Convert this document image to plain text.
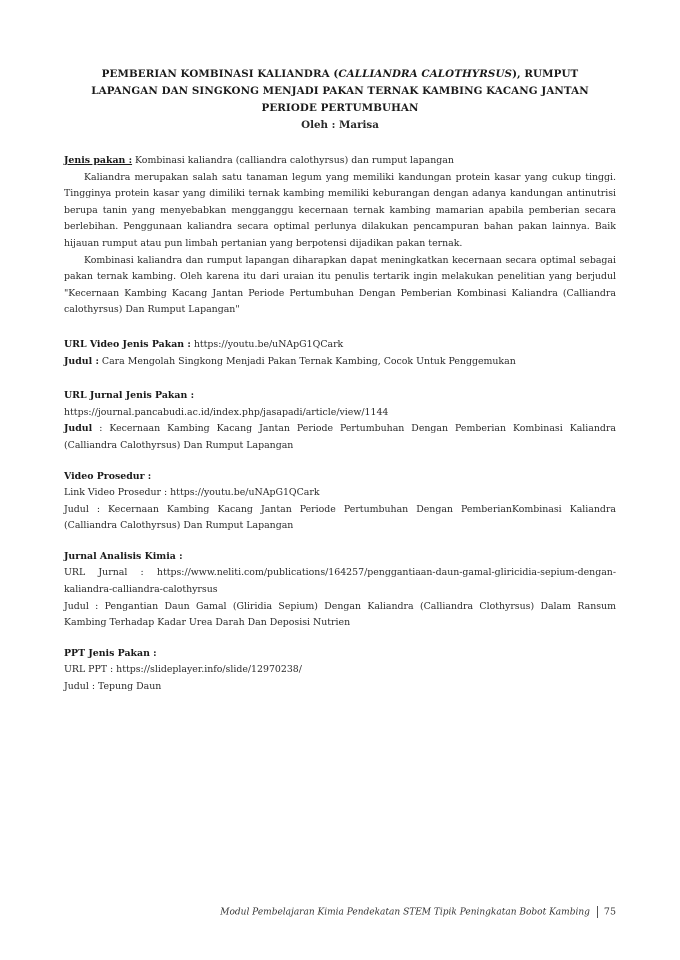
PEMBERIAN KOMBINASI KALIANDRA (CALLIANDRA CALOTHYRSUS), RUMPUT
LAPANGAN DAN SINGKONG MENJADI PAKAN TERNAK KAMBING KACANG JANTAN
PERIODE PERTUMBUHAN
Oleh : Marisa

Jenis pakan : Kombinasi kaliandra (calliandra calothyrsus) dan rumput lapangan

Kaliandra merupakan salah satu tanaman legum yang memiliki kandungan protein kasar yang cukup tinggi. Tingginya protein kasar yang dimiliki ternak kambing memiliki keburangan dengan adanya kandungan antinutrisi berupa tanin yang menyebabkan mengganggu kecernaan ternak kambing mamarian apabila pemberian secara berlebihan. Penggunaan kaliandra secara optimal perlunya dilakukan pencampuran bahan pakan lainnya. Baik hijauan rumput atau pun limbah pertanian yang berpotensi dijadikan pakan ternak.

Kombinasi kaliandra dan rumput lapangan diharapkan dapat meningkatkan kecernaan secara optimal sebagai pakan ternak kambing. Oleh karena itu dari uraian itu penulis tertarik ingin melakukan penelitian yang berjudul "Kecernaan Kambing Kacang Jantan Periode Pertumbuhan Dengan Pemberian Kombinasi Kaliandra (Calliandra calothyrsus) Dan Rumput Lapangan"

URL Video Jenis Pakan : https://youtu.be/uNApG1QCark

Judul : Cara Mengolah Singkong Menjadi Pakan Ternak Kambing, Cocok Untuk Penggemukan

URL Jurnal Jenis Pakan :

https://journal.pancabudi.ac.id/index.php/jasapadi/article/view/1144

Judul : Kecernaan Kambing Kacang Jantan Periode Pertumbuhan Dengan Pemberian Kombinasi Kaliandra (Calliandra Calothyrsus) Dan Rumput Lapangan

Video Prosedur :

Link Video Prosedur : https://youtu.be/uNApG1QCark

Judul : Kecernaan Kambing Kacang Jantan Periode Pertumbuhan Dengan PemberianKombinasi Kaliandra (Calliandra Calothyrsus) Dan Rumput Lapangan

Jurnal Analisis Kimia :

URL Jurnal : https://www.neliti.com/publications/164257/penggantiaan-daun-gamal-gliricidia-sepium-dengan-kaliandra-calliandra-calothyrsus

Judul : Pengantian Daun Gamal (Gliridia Sepium) Dengan Kaliandra (Calliandra Clothyrsus) Dalam Ransum Kambing Terhadap Kadar Urea Darah Dan Deposisi Nutrien

PPT Jenis Pakan :

URL PPT : https://slideplayer.info/slide/12970238/

Judul : Tepung Daun

Modul Pembelajaran Kimia Pendekatan STEM Tipik Peningkatan Bobot Kambing 75
